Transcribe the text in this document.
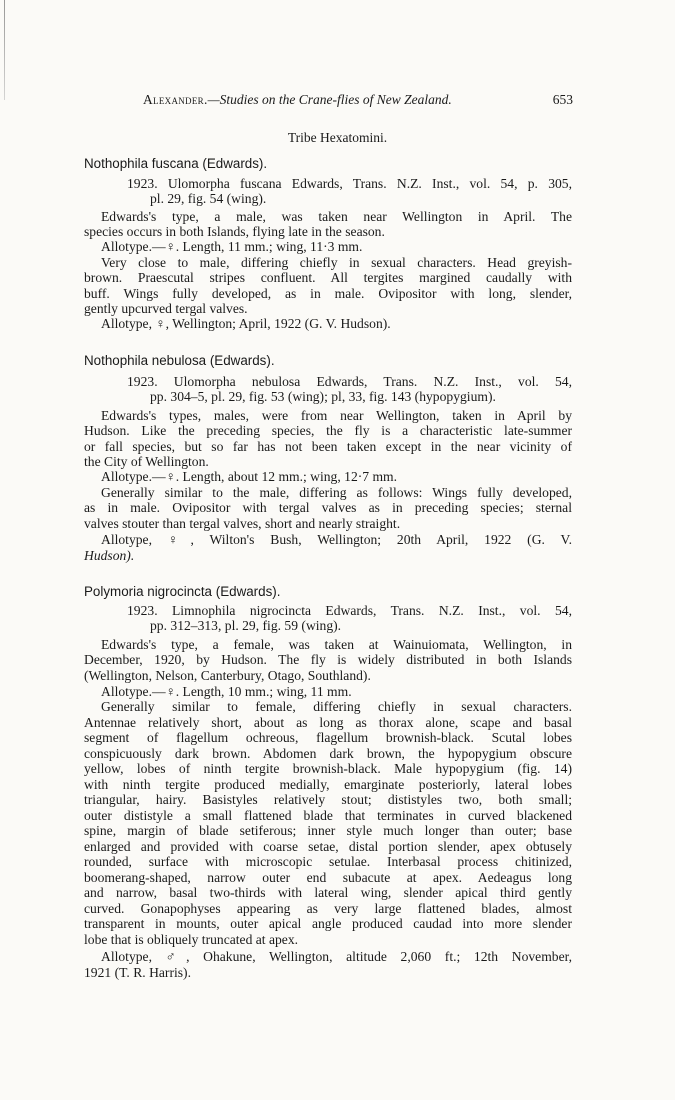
Alexander.—Studies on the Crane-flies of New Zealand.	653
Tribe Hexatomini.
Nothophila fuscana (Edwards).
1923. Ulomorpha fuscana Edwards, Trans. N.Z. Inst., vol. 54, p. 305,
pl. 29, fig. 54 (wing).
Edwards's type, a male, was taken near Wellington in April. The
species occurs in both Islands, flying late in the season.
Allotype.—♀. Length, 11 mm.; wing, 11·3 mm.
Very close to male, differing chiefly in sexual characters. Head greyish-
brown. Praescutal stripes confluent. All tergites margined caudally with
buff. Wings fully developed, as in male. Ovipositor with long, slender,
gently upcurved tergal valves.
Allotype, ♀, Wellington; April, 1922 (G. V. Hudson).
Nothophila nebulosa (Edwards).
1923. Ulomorpha nebulosa Edwards, Trans. N.Z. Inst., vol. 54,
pp. 304–5, pl. 29, fig. 53 (wing); pl, 33, fig. 143 (hypopygium).
Edwards's types, males, were from near Wellington, taken in April by
Hudson. Like the preceding species, the fly is a characteristic late-summer
or fall species, but so far has not been taken except in the near vicinity of
the City of Wellington.
Allotype.—♀. Length, about 12 mm.; wing, 12·7 mm.
Generally similar to the male, differing as follows: Wings fully developed,
as in male. Ovipositor with tergal valves as in preceding species; sternal
valves stouter than tergal valves, short and nearly straight.
Allotype, ♀, Wilton's Bush, Wellington; 20th April, 1922 (G. V.
Hudson).
Polymoria nigrocincta (Edwards).
1923. Limnophila nigrocincta Edwards, Trans. N.Z. Inst., vol. 54,
pp. 312–313, pl. 29, fig. 59 (wing).
Edwards's type, a female, was taken at Wainuiomata, Wellington, in
December, 1920, by Hudson. The fly is widely distributed in both Islands
(Wellington, Nelson, Canterbury, Otago, Southland).
Allotype.—♀. Length, 10 mm.; wing, 11 mm.
Generally similar to female, differing chiefly in sexual characters.
Antennae relatively short, about as long as thorax alone, scape and basal
segment of flagellum ochreous, flagellum brownish-black. Scutal lobes
conspicuously dark brown. Abdomen dark brown, the hypopygium obscure
yellow, lobes of ninth tergite brownish-black. Male hypopygium (fig. 14)
with ninth tergite produced medially, emarginate posteriorly, lateral lobes
triangular, hairy. Basistyles relatively stout; dististyles two, both small;
outer dististyle a small flattened blade that terminates in curved blackened
spine, margin of blade setiferous; inner style much longer than outer; base
enlarged and provided with coarse setae, distal portion slender, apex obtusely
rounded, surface with microscopic setulae. Interbasal process chitinized,
boomerang-shaped, narrow outer end subacute at apex. Aedeagus long
and narrow, basal two-thirds with lateral wing, slender apical third gently
curved. Gonapophyses appearing as very large flattened blades, almost
transparent in mounts, outer apical angle produced caudad into more slender
lobe that is obliquely truncated at apex.
Allotype, ♂, Ohakune, Wellington, altitude 2,060 ft.; 12th November,
1921 (T. R. Harris).
